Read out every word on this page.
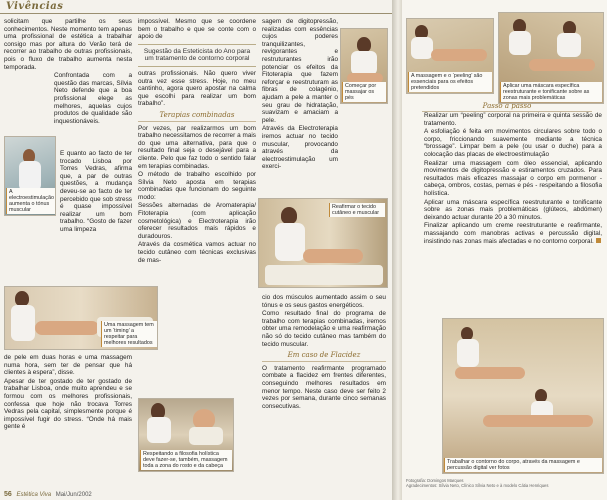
Vivências

solicitam que partilhe os seus conhecimentos. Neste momento tem apenas uma profissional de estética a trabalhar consigo mas por altura do Verão terá de recorrer ao trabalho de outras profissionais, pois o fluxo de trabalho aumenta nesta temporada.

Confrontada com a questão das marcas, Sílvia Neto defende que a boa profissional elege as melhores, aquelas cujos produtos de qualidade são inquestionáveis.

A electroestimulação aumenta o tónus muscular

E quanto ao facto de ter trocado Lisboa por Torres Vedras, afirma que, a par de outras questões, a mudança deveu-se ao facto de ter percebido que sob stress é quase impossível realizar um bom trabalho. “Gosto de fazer uma limpeza

Uma massagem tem um ‘timing’ a respeitar para melhores resultados

de pele em duas horas e uma massagem numa hora, sem ter de pensar que há clientes à espera”, disse.

Apesar de ter gostado de ter gostado de trabalhar Lisboa, onde muito aprendeu e se formou com os melhores profissionais, confessa que hoje não trocava Torres Vedras pela capital, simplesmente porque é impossível fugir do stress. “Onde há mais gente é

impossível. Mesmo que se coordene bem o trabalho e que se conte com o apoio de

Sugestão da Esteticista do Ano para um tratamento de contorno corporal

outras profissionais. Não quero viver outra vez esse stress. Hoje, no meu cantinho, agora quero apostar na calma que escolhi para realizar um bom trabalho”.

Terapias combinadas

Por vezes, par realizarmos um bom trabalho necessitamos de recorrer a mais do que uma alternativa, para que o resultado final seja o desejável para a cliente. Pelo que faz todo o sentido falar em terapias combinadas.

O método de trabalho escolhido por Sílvia Neto aposta em terapias combinadas que funcionam do seguinte modo:

Sessões alternadas de Aromaterapia/ Fitoterapia (com aplicação cosmetológica) e Electroterapia irão oferecer resultados mais rápidos e duradouros.

Através da cosmética vamos actuar no tecido cutâneo com técnicas exclusivas de mas-

Respeitando a filosofia holística deve fazer-se, também, massagem toda a zona do rosto e da cabeça

sagem de digitopressão, realizadas com essências cujos poderes tranquilizantes, revigorantes e restruturantes irão potenciar os efeitos da Fitoterapia que fazem reforçar e reestruturam as fibras de colagénio, ajudam a pele a manter o seu grau de hidratação, suavizam e amaciam a pele.

Através da Electroterapia iremos actuar no tecido muscular, provocando através da electroestimulação um exerci-

Começar por massajar os pés
Reafirmar o tecido cutâneo e muscular

cio dos músculos aumentado assim o seu tónus e os seus gastos energéticos.

Como resultado final do programa de trabalho com terapias combinadas, iremos obter uma remodelação e uma reafirmação não só do tecido cutâneo mas também do tecido muscular.

Em caso de Flacidez

O tratamento reafirmante programado combate a flacidez em frentes diferentes, conseguindo melhores resultados em menor tempo. Neste caso deve ser feito 2 vezes por semana, durante cinco semanas consecutivas.

56 Estética Viva Mai/Jun/2002
A massagem e o ‘peeling’ são essenciais para os efeitos pretendidos	Aplicar uma máscara específica reestruturante e tonificante sobre as zonas mais problemáticas
Passo a passo

Realizar um “peeling” corporal na primeira e quinta sessão de tratamento.

A esfoliação é feita em movimentos circulares sobre todo o corpo, friccionando suavemente mediante a técnica “brossage”. Limpar bem a pele (ou usar o duche) para a colocação das placas de electroestimulação

Realizar uma massagem com óleo essencial, aplicando movimentos de digitopressão e estiramentos cruzados. Para resultados mais eficazes massajar o corpo em pormenor - cabeça, ombros, costas, pernas e pés - respeitando a filosofia holística.

Aplicar uma máscara específica reestruturante e tonificante sobre as zonas mais problemáticas (glúteos, abdómen) deixando actuar durante 20 a 30 minutos.

Finalizar aplicando um creme reestruturante e reafirmante, massajando com manobras activas e percussão digital, insistindo nas zonas mais afectadas e no contorno corporal.

Trabalhar o contorno do corpo, através da massagem e percussão digital ver fotos
Fotografia: Domingos Marques
Agradecimentos: Sílvia Neto, Clínico Sílvia Neto e à modelo Cátia Henriques
